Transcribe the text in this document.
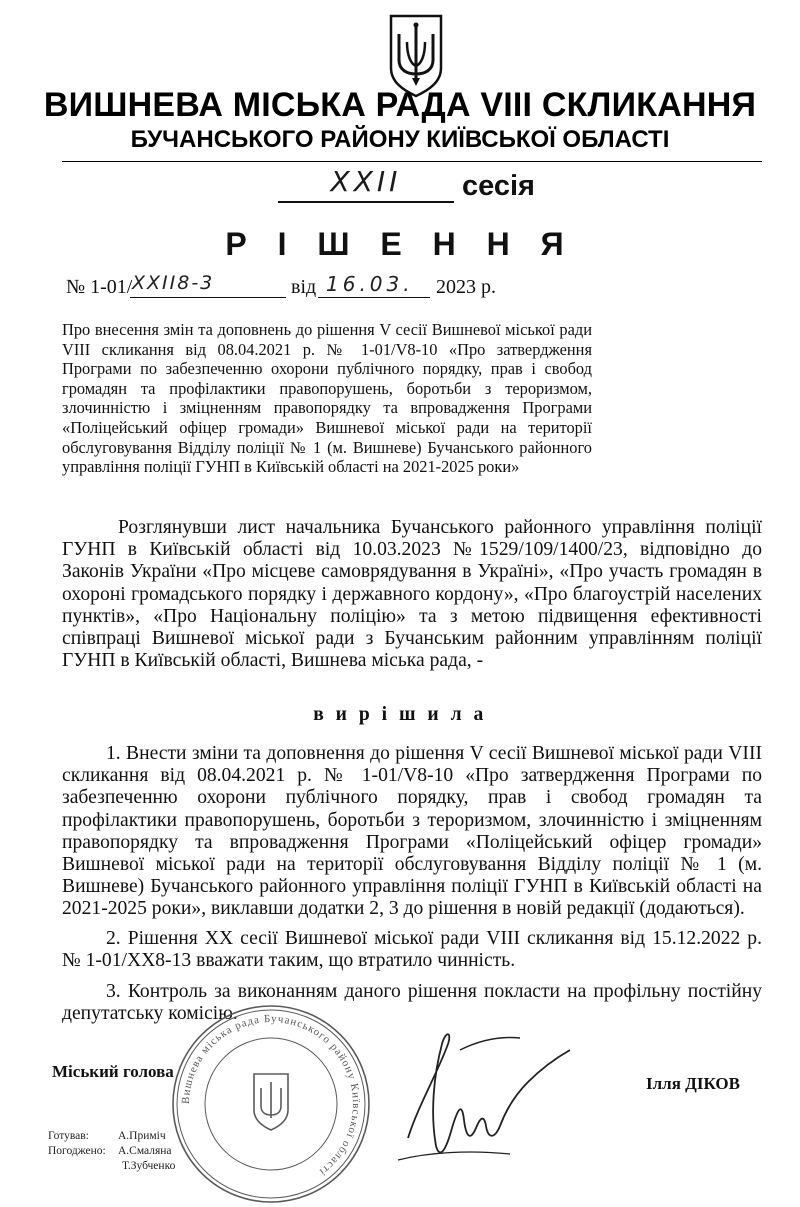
ВИШНЕВА МІСЬКА РАДА VIII СКЛИКАННЯ
БУЧАНСЬКОГО РАЙОНУ КИЇВСЬКОЇ ОБЛАСТІ
XXII	сесія
Р І Ш Е Н Н Я
№ 1-01/ XXII8-3	від 16.03. 2023 р.
Про внесення змін та доповнень до рішення V сесії Вишневої міської ради VIII скликання від 08.04.2021 р. № 1-01/V8-10 «Про затвердження Програми по забезпеченню охорони публічного порядку, прав і свобод громадян та профілактики правопорушень, боротьби з тероризмом, злочинністю і зміцненням правопорядку та впровадження Програми «Поліцейський офіцер громади» Вишневої міської ради на території обслуговування Відділу поліції № 1 (м. Вишневе) Бучанського районного управління поліції ГУНП в Київській області на 2021-2025 роки»
Розглянувши лист начальника Бучанського районного управління поліції ГУНП в Київській області від 10.03.2023 №1529/109/1400/23, відповідно до Законів України «Про місцеве самоврядування в Україні», «Про участь громадян в охороні громадського порядку і державного кордону», «Про благоустрій населених пунктів», «Про Національну поліцію» та з метою підвищення ефективності співпраці Вишневої міської ради з Бучанським районним управлінням поліції ГУНП в Київській області, Вишнева міська рада, -
в и р і ш и л а
1. Внести зміни та доповнення до рішення V сесії Вишневої міської ради VIII скликання від 08.04.2021 р. № 1-01/V8-10 «Про затвердження Програми по забезпеченню охорони публічного порядку, прав і свобод громадян та профілактики правопорушень, боротьби з тероризмом, злочинністю і зміцненням правопорядку та впровадження Програми «Поліцейський офіцер громади» Вишневої міської ради на території обслуговування Відділу поліції № 1 (м. Вишневе) Бучанського районного управління поліції ГУНП в Київській області на 2021-2025 роки», виклавши додатки 2, 3 до рішення в новій редакції (додаються).
2. Рішення XX сесії Вишневої міської ради VIII скликання від 15.12.2022 р. № 1-01/XX8-13 вважати таким, що втратило чинність.
3. Контроль за виконанням даного рішення покласти на профільну постійну депутатську комісію.
Вишнева міська рада Бучанського району Київської області
Міський голова
Ілля ДІКОВ
Готував:	А.Приміч
Погоджено: А.Смаляна
Т.Зубченко
